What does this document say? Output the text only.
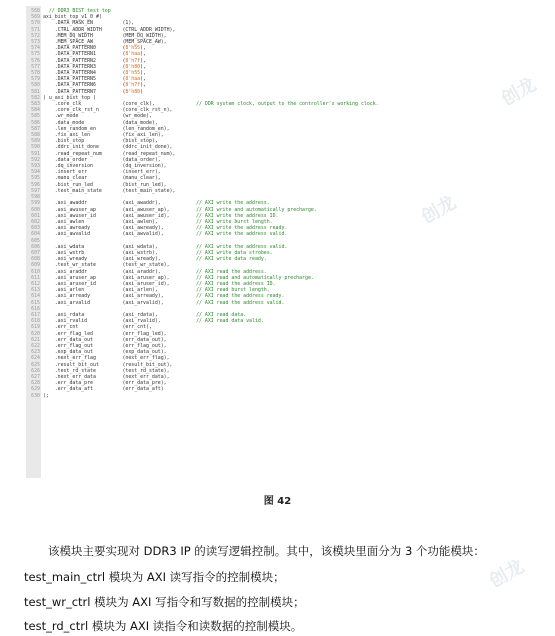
568   // DDR3 BIST test top
569 axi_bist_top_v1_0 #(
570     .DATA_MASK_EN          (1),
571     .CTRL_ADDR_WIDTH       (CTRL_ADDR_WIDTH),
572     .MEM_DQ_WIDTH          (MEM_DQ_WIDTH),
573     .MEM_SPACE_AW          (MEM_SPACE_AW),
574     .DATA_PATTERN0         (8'h55),
575     .DATA_PATTERN1         (8'haa),
576     .DATA_PATTERN2         (8'h7f),
577     .DATA_PATTERN3         (8'h80),
578     .DATA_PATTERN4         (8'h55),
579     .DATA_PATTERN5         (8'haa),
580     .DATA_PATTERN6         (8'h7f),
581     .DATA_PATTERN7         (8'h80)
582 ) u_axi_bist_top (
583     .core_clk              (core_clk),              // DDR system clock, output to the controller's working clock.
584     .core_clk_rst_n        (core_clk_rst_n),
585     .wr_mode               (wr_mode),
586     .data_mode             (data_mode),
587     .len_random_en         (len_random_en),
588     .fix_axi_len           (fix_axi_len),
589     .bist_stop             (bist_stop),
590     .ddrc_init_done        (ddrc_init_done),
591     .read_repeat_num       (read_repeat_num),
592     .data_order            (data_order),
593     .dq_inversion          (dq_inversion),
594     .insert_err            (insert_err),
595     .manu_clear            (manu_clear),
596     .bist_run_led          (bist_run_led),
597     .test_main_state       (test_main_state),
598
599     .axi_awaddr            (axi_awaddr),            // AXI write the address.
600     .axi_awuser_ap         (axi_awuser_ap),         // AXI write and automatically precharge.
601     .axi_awuser_id         (axi_awuser_id),         // AXI write the address ID.
602     .axi_awlen             (axi_awlen),             // AXI write burst length.
603     .axi_awready           (axi_awready),           // AXI write the address ready.
604     .axi_awvalid           (axi_awvalid),           // AXI write the address valid.
605
606     .axi_wdata             (axi_wdata),             // AXI write the address valid.
607     .axi_wstrb             (axi_wstrb),             // AXI write data strobes.
608     .axi_wready            (axi_wready),            // AXI write data ready.
609     .test_wr_state         (test_wr_state),
610     .axi_araddr            (axi_araddr),            // AXI read the address.
611     .axi_aruser_ap         (axi_aruser_ap),         // AXI read and automatically precharge.
612     .axi_aruser_id         (axi_aruser_id),         // AXI read the address ID.
613     .axi_arlen             (axi_arlen),             // AXI read burst length.
614     .axi_arready           (axi_arready),           // AXI read the address ready.
615     .axi_arvalid           (axi_arvalid),           // AXI read the address valid.
616
617     .axi_rdata             (axi_rdata),             // AXI read data.
618     .axi_rvalid            (axi_rvalid),            // AXI read data valid.
619     .err_cnt               (err_cnt),
620     .err_flag_led          (err_flag_led),
621     .err_data_out          (err_data_out),
622     .err_flag_out          (err_flag_out),
623     .exp_data_out          (exp_data_out),
624     .next_err_flag         (next_err_flag),
625     .result_bit_out        (result_bit_out),
626     .test_rd_state         (test_rd_state),
627     .next_err_data         (next_err_data),
628     .err_data_pre          (err_data_pre),
629     .err_data_aft          (err_data_aft)
630 );
图 42
该模块主要实现对 DDR3 IP 的读写逻辑控制。其中，该模块里面分为 3 个功能模块：
test_main_ctrl 模块为 AXI 读写指令的控制模块；
test_wr_ctrl 模块为 AXI 写指令和写数据的控制模块；
test_rd_ctrl 模块为 AXI 读指令和读数据的控制模块。
创龙
创龙
创龙
